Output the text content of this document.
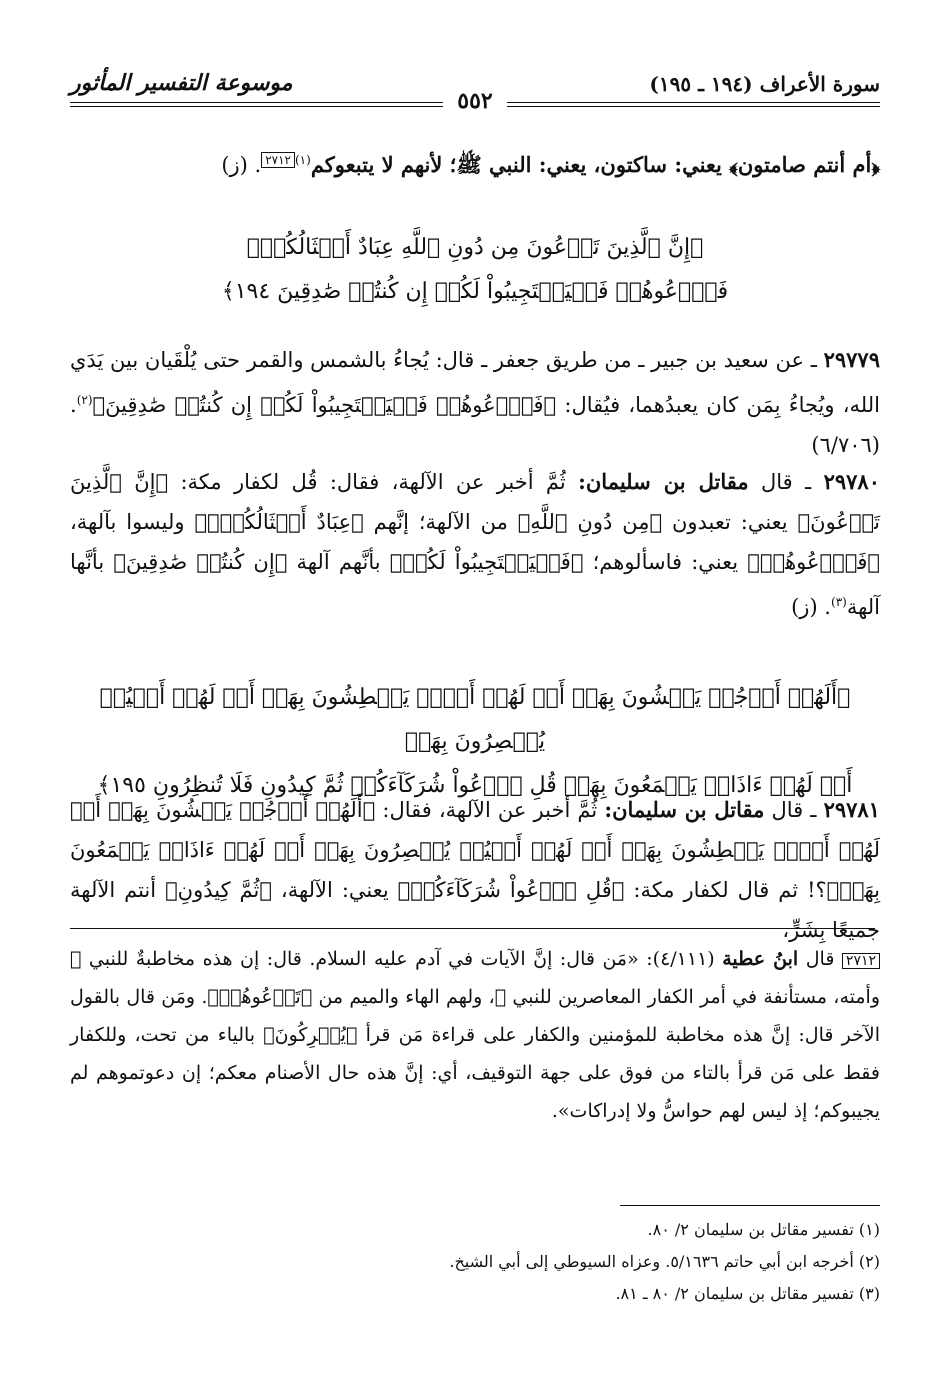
موسوعة التفسير المأثور	سورة الأعراف (١٩٤ ـ ١٩٥)
٥٥٢
﴿أم أنتم صامتون﴾ يعني: ساكتون، يعني: النبي ﷺ؛ لأنهم لا يتبعوكم$^{(١)}$٢٧١٢. (ز)
﴿إِنَّ ٱلَّذِينَ تَدۡعُونَ مِن دُونِ ٱللَّهِ عِبَادٌ أَمۡثَالُكُمۡۖ
فَٱدۡعُوهُمۡ فَلۡيَسۡتَجِيبُواْ لَكُمۡ إِن كُنتُمۡ صَٰدِقِينَ ١٩٤﴾
٢٩٧٧٩ ـ عن سعيد بن جبير ـ من طريق جعفر ـ قال: يُجاءُ بالشمس والقمر حتى يُلْقَيان بين يَدَي الله، ويُجاءُ بِمَن كان يعبدُهما، فيُقال: ﴿فَٱدۡعُوهُمۡ فَلۡيَسۡتَجِيبُواْ لَكُمۡ إِن كُنتُمۡ صَٰدِقِينَ﴾$^{(٢)}$. (٦/٧٠٦)
٢٩٧٨٠ ـ قال مقاتل بن سليمان: ثُمَّ أخبر عن الآلهة، فقال: قُل لكفار مكة: ﴿إِنَّ ٱلَّذِينَ تَدۡعُونَ﴾ يعني: تعبدون ﴿مِن دُونِ ٱللَّهِ﴾ من الآلهة؛ إنَّهم ﴿عِبَادٌ أَمۡثَالُكُمۡۖ﴾ وليسوا بآلهة، ﴿فَٱدۡعُوهُمۡ﴾ يعني: فاسألوهم؛ ﴿فَلۡيَسۡتَجِيبُواْ لَكُمۡ﴾ بأنَّهم آلهة ﴿إِن كُنتُمۡ صَٰدِقِينَ﴾ بأنَّها آلهة$^{(٣)}$. (ز)
﴿أَلَهُمۡ أَرۡجُلٞ يَمۡشُونَ بِهَآۖ أَمۡ لَهُمۡ أَيۡدٖ يَبۡطِشُونَ بِهَآۖ أَمۡ لَهُمۡ أَعۡيُنٞ يُبۡصِرُونَ بِهَآۖ
أَمۡ لَهُمۡ ءَاذَانٞ يَسۡمَعُونَ بِهَاۗ قُلِ ٱدۡعُواْ شُرَكَآءَكُمۡ ثُمَّ كِيدُونِ فَلَا تُنظِرُونِ ١٩٥﴾
٢٩٧٨١ ـ قال مقاتل بن سليمان: ثُمَّ أخبر عن الآلهة، فقال: ﴿أَلَهُمۡ أَرۡجُلٞ يَمۡشُونَ بِهَآۖ أَمۡ لَهُمۡ أَيۡدٖ يَبۡطِشُونَ بِهَآۖ أَمۡ لَهُمۡ أَعۡيُنٞ يُبۡصِرُونَ بِهَآۖ أَمۡ لَهُمۡ ءَاذَانٞ يَسۡمَعُونَ بِهَاۗ﴾؟! ثم قال لكفار مكة: ﴿قُلِ ٱدۡعُواْ شُرَكَآءَكُمۡ﴾ يعني: الآلهة، ﴿ثُمَّ كِيدُونِ﴾ أنتم الآلهة جميعًا بِشَرٍّ،
٢٧١٢ قال ابنُ عطية (٤/١١١): «مَن قال: إنَّ الآيات في آدم عليه السلام. قال: إن هذه مخاطبةٌ للنبي ﷺ وأمته، مستأنفة في أمر الكفار المعاصرين للنبي ﷺ، ولهم الهاء والميم من ﴿تَدۡعُوهُمۡ﴾. ومَن قال بالقول الآخر قال: إنَّ هذه مخاطبة للمؤمنين والكفار على قراءة مَن قرأ ﴿يُشۡرِكُونَ﴾ بالياء من تحت، وللكفار فقط على مَن قرأ بالتاء من فوق على جهة التوقيف، أي: إنَّ هذه حال الأصنام معكم؛ إن دعوتموهم لم يجيبوكم؛ إذ ليس لهم حواسُّ ولا إدراكات».
(١) تفسير مقاتل بن سليمان ٢/ ٨٠.
(٢) أخرجه ابن أبي حاتم ٥/١٦٣٦. وعزاه السيوطي إلى أبي الشيخ.
(٣) تفسير مقاتل بن سليمان ٢/ ٨٠ ـ ٨١.
